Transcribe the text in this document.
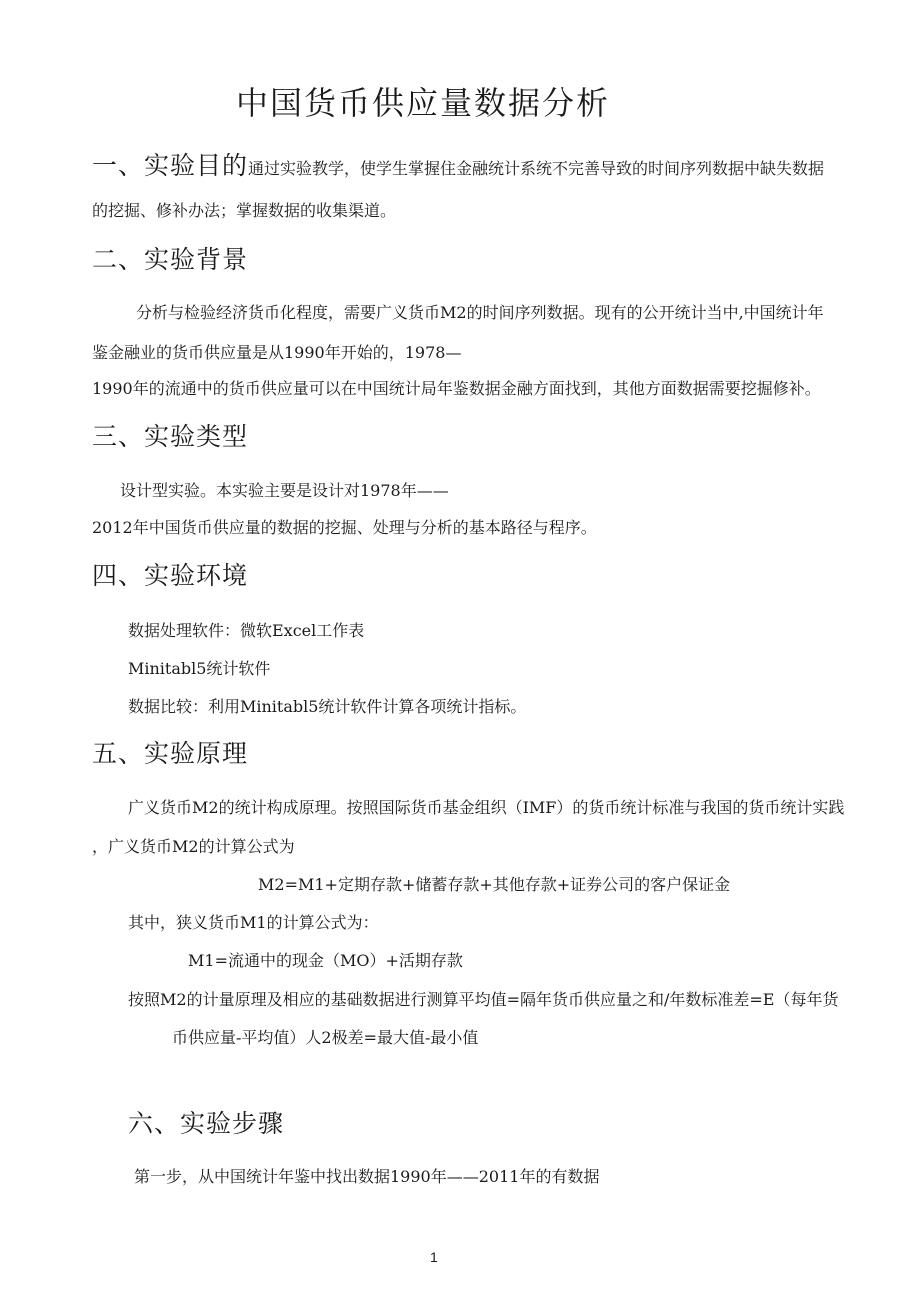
中国货币供应量数据分析
一、实验目的通过实验教学，使学生掌握住金融统计系统不完善导致的时间序列数据中缺失数据
的挖掘、修补办法；掌握数据的收集渠道。
二、实验背景
分析与检验经济货币化程度，需要广义货币M2的时间序列数据。现有的公开统计当中,中国统计年
鉴金融业的货币供应量是从1990年开始的，1978—
1990年的流通中的货币供应量可以在中国统计局年鉴数据金融方面找到，其他方面数据需要挖掘修补。
三、实验类型
设计型实验。本实验主要是设计对1978年——
2012年中国货币供应量的数据的挖掘、处理与分析的基本路径与程序。
四、实验环境
数据处理软件：微软Excel工作表
Minitabl5统计软件
数据比较：利用Minitabl5统计软件计算各项统计指标。
五、实验原理
广义货币M2的统计构成原理。按照国际货币基金组织（IMF）的货币统计标准与我国的货币统计实践
，广义货币M2的计算公式为
M2=M1+定期存款+储蓄存款+其他存款+证券公司的客户保证金
其中，狭义货币M1的计算公式为：
M1=流通中的现金（MO）+活期存款
按照M2的计量原理及相应的基础数据进行测算平均值=隔年货币供应量之和/年数标准差=E（每年货
币供应量-平均值）人2极差=最大值-最小值
六、实验步骤
第一步，从中国统计年鉴中找出数据1990年——2011年的有数据
1
